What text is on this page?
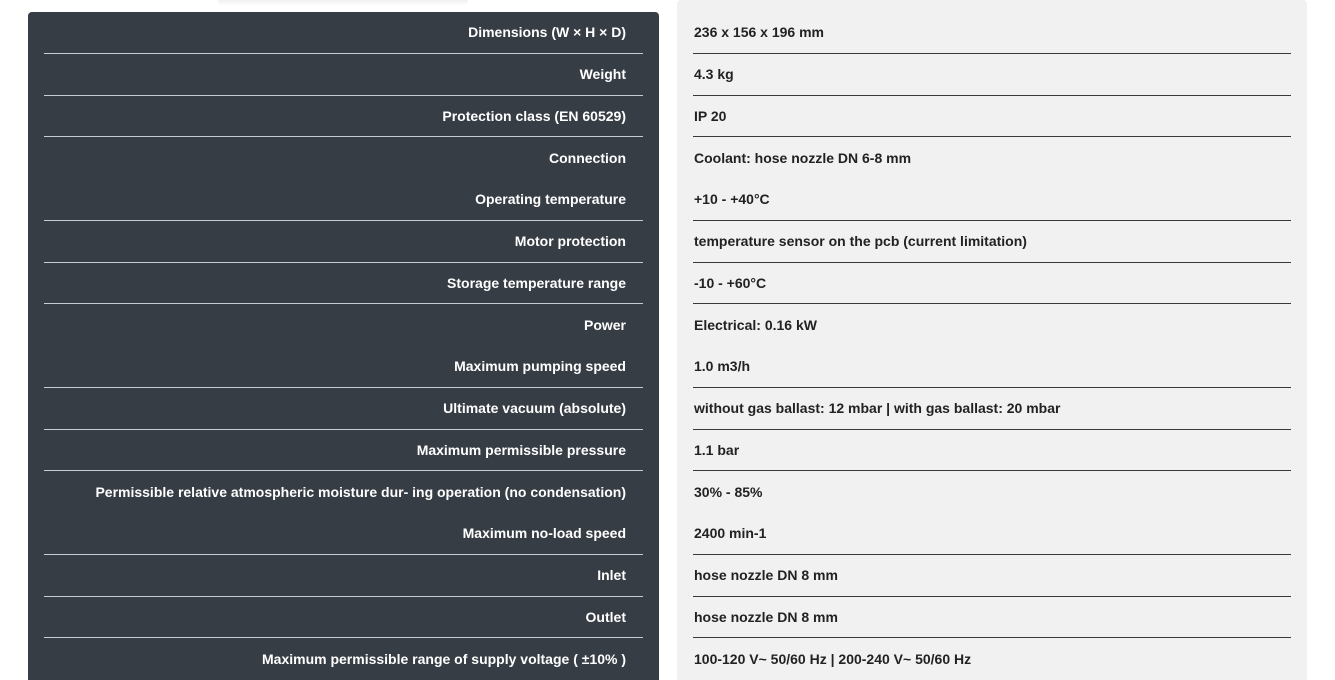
Dimensions (W × H × D)
Weight
Protection class (EN 60529)
Connection
Operating temperature
Motor protection
Storage temperature range
Power
Maximum pumping speed
Ultimate vacuum (absolute)
Maximum permissible pressure
Permissible relative atmospheric moisture dur- ing operation (no condensation)
Maximum no-load speed
Inlet
Outlet
Maximum permissible range of supply voltage ( ±10% )
236 x 156 x 196 mm
4.3 kg
IP 20
Coolant: hose nozzle DN 6-8 mm
+10 - +40°C
temperature sensor on the pcb (current limitation)
-10 - +60°C
Electrical: 0.16 kW
1.0 m3/h
without gas ballast: 12 mbar | with gas ballast: 20 mbar
1.1 bar
30% - 85%
2400 min-1
hose nozzle DN 8 mm
hose nozzle DN 8 mm
100-120 V~ 50/60 Hz | 200-240 V~ 50/60 Hz
